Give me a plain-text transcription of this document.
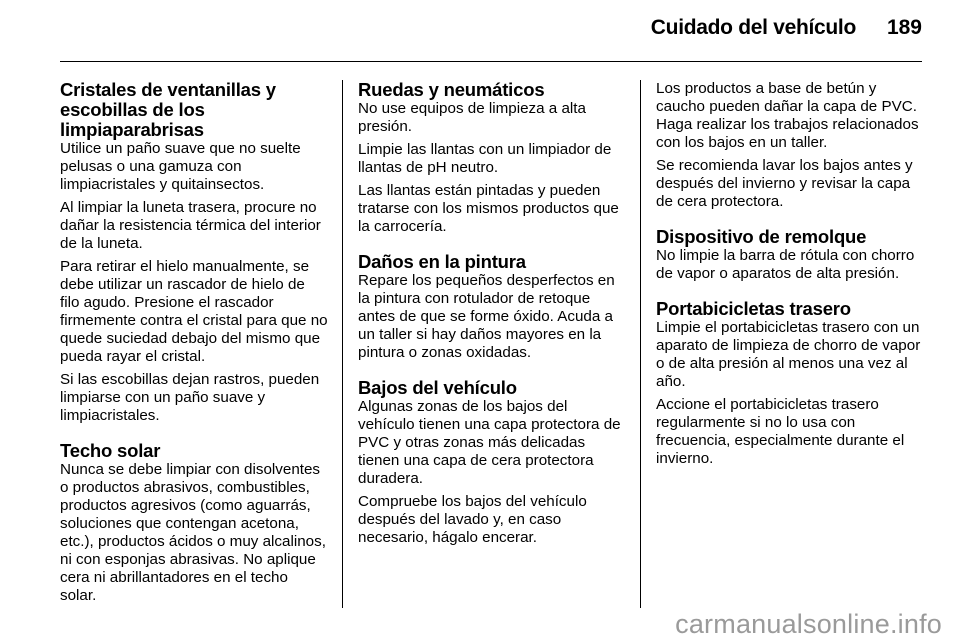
Cuidado del vehículo 189
Cristales de ventanillas y escobillas de los limpiaparabrisas

Utilice un paño suave que no suelte pelusas o una gamuza con limpiacristales y quitainsectos.

Al limpiar la luneta trasera, procure no dañar la resistencia térmica del interior de la luneta.

Para retirar el hielo manualmente, se debe utilizar un rascador de hielo de filo agudo. Presione el rascador firmemente contra el cristal para que no quede suciedad debajo del mismo que pueda rayar el cristal.

Si las escobillas dejan rastros, pueden limpiarse con un paño suave y limpiacristales.

Techo solar

Nunca se debe limpiar con disolventes o productos abrasivos, combustibles, productos agresivos (como aguarrás, soluciones que contengan acetona, etc.), productos ácidos o muy alcalinos, ni con esponjas abrasivas. No aplique cera ni abrillantadores en el techo solar.

Ruedas y neumáticos

No use equipos de limpieza a alta presión.

Limpie las llantas con un limpiador de llantas de pH neutro.

Las llantas están pintadas y pueden tratarse con los mismos productos que la carrocería.

Daños en la pintura

Repare los pequeños desperfectos en la pintura con rotulador de retoque antes de que se forme óxido. Acuda a un taller si hay daños mayores en la pintura o zonas oxidadas.

Bajos del vehículo

Algunas zonas de los bajos del vehículo tienen una capa protectora de PVC y otras zonas más delicadas tienen una capa de cera protectora duradera.

Compruebe los bajos del vehículo después del lavado y, en caso necesario, hágalo encerar.

Los productos a base de betún y caucho pueden dañar la capa de PVC. Haga realizar los trabajos relacionados con los bajos en un taller.

Se recomienda lavar los bajos antes y después del invierno y revisar la capa de cera protectora.

Dispositivo de remolque

No limpie la barra de rótula con chorro de vapor o aparatos de alta presión.

Portabicicletas trasero

Limpie el portabicicletas trasero con un aparato de limpieza de chorro de vapor o de alta presión al menos una vez al año.

Accione el portabicicletas trasero regularmente si no lo usa con frecuencia, especialmente durante el invierno.

carmanualsonline.info
